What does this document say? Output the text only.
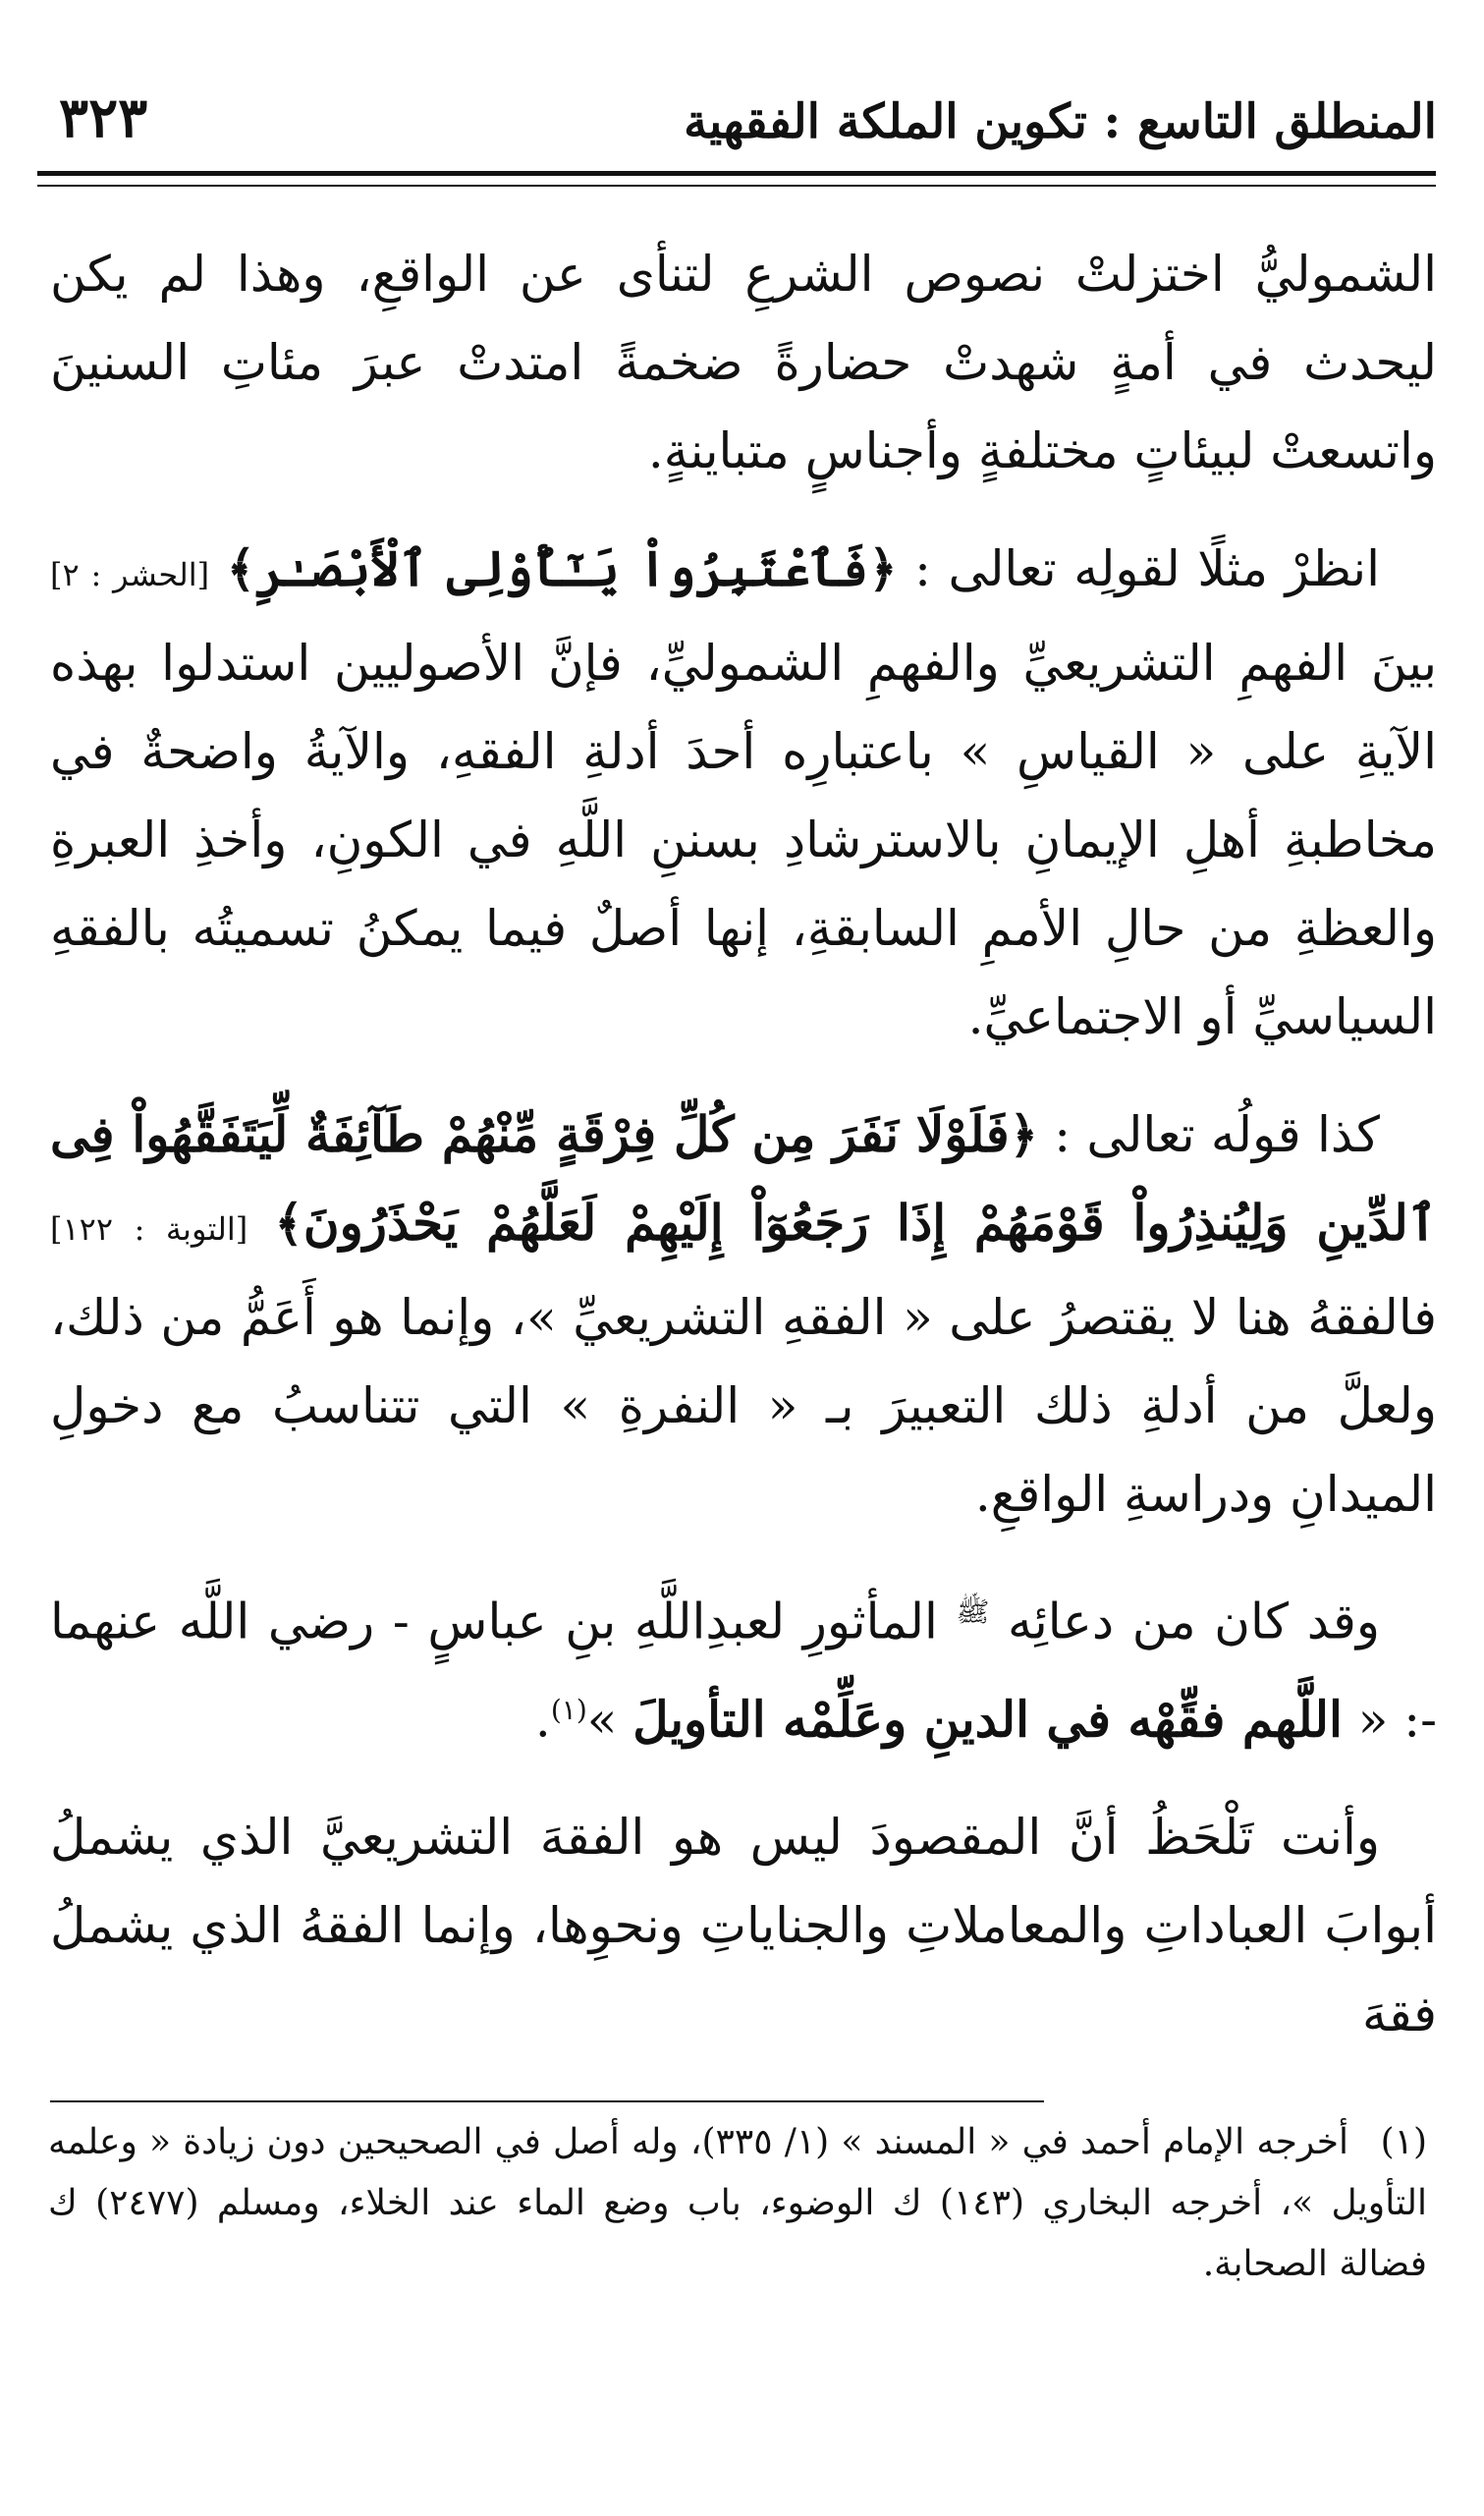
المنطلق التاسع : تكوين الملكة الفقهية
٣٢٣

الشموليُّ اختزلتْ نصوص الشرعِ لتنأى عن الواقعِ، وهذا لم يكن ليحدث في أمةٍ شهدتْ حضارةً ضخمةً امتدتْ عبرَ مئاتِ السنينَ واتسعتْ لبيئاتٍ مختلفةٍ وأجناسٍ متباينةٍ.

انظرْ مثلًا لقولِه تعالى : ﴿فَٱعْتَبِرُواْ يَـٰٓأُوْلِى ٱلْأَبْصَـٰرِ﴾ [الحشر : ٢] بينَ الفهمِ التشريعيِّ والفهمِ الشموليِّ، فإنَّ الأصوليين استدلوا بهذه الآيةِ على « القياسِ » باعتبارِه أحدَ أدلةِ الفقهِ، والآيةُ واضحةٌ في مخاطبةِ أهلِ الإيمانِ بالاسترشادِ بسننِ اللَّهِ في الكونِ، وأخذِ العبرةِ والعظةِ من حالِ الأممِ السابقةِ، إنها أصلٌ فيما يمكنُ تسميتُه بالفقهِ السياسيِّ أو الاجتماعيِّ.

كذا قولُه تعالى : ﴿فَلَوْلَا نَفَرَ مِن كُلِّ فِرْقَةٍ مِّنْهُمْ طَآئِفَةٌ لِّيَتَفَقَّهُواْ فِى ٱلدِّينِ وَلِيُنذِرُواْ قَوْمَهُمْ إِذَا رَجَعُوٓاْ إِلَيْهِمْ لَعَلَّهُمْ يَحْذَرُونَ﴾ [التوبة : ١٢٢] فالفقهُ هنا لا يقتصرُ على « الفقهِ التشريعيِّ »، وإنما هو أَعَمُّ من ذلك، ولعلَّ من أدلةِ ذلك التعبيرَ بـ « النفرةِ » التي تتناسبُ مع دخولِ الميدانِ ودراسةِ الواقعِ.

وقد كان من دعائِه $^ﷺ$ المأثورِ لعبدِاللَّهِ بنِ عباسٍ - رضي اللَّه عنهما -: « اللَّهم فقِّهْه في الدينِ وعَلِّمْه التأويلَ »$^{(١)}$.

وأنت تَلْحَظُ أنَّ المقصودَ ليس هو الفقهَ التشريعيَّ الذي يشملُ أبوابَ العباداتِ والمعاملاتِ والجناياتِ ونحوِها، وإنما الفقهُ الذي يشملُ فقهَ

(١)أخرجه الإمام أحمد في « المسند » (١/ ٣٣٥)، وله أصل في الصحيحين دون زيادة « وعلمه التأويل »، أخرجه البخاري (١٤٣) ك الوضوء، باب وضع الماء عند الخلاء، ومسلم (٢٤٧٧) ك فضالة الصحابة.
